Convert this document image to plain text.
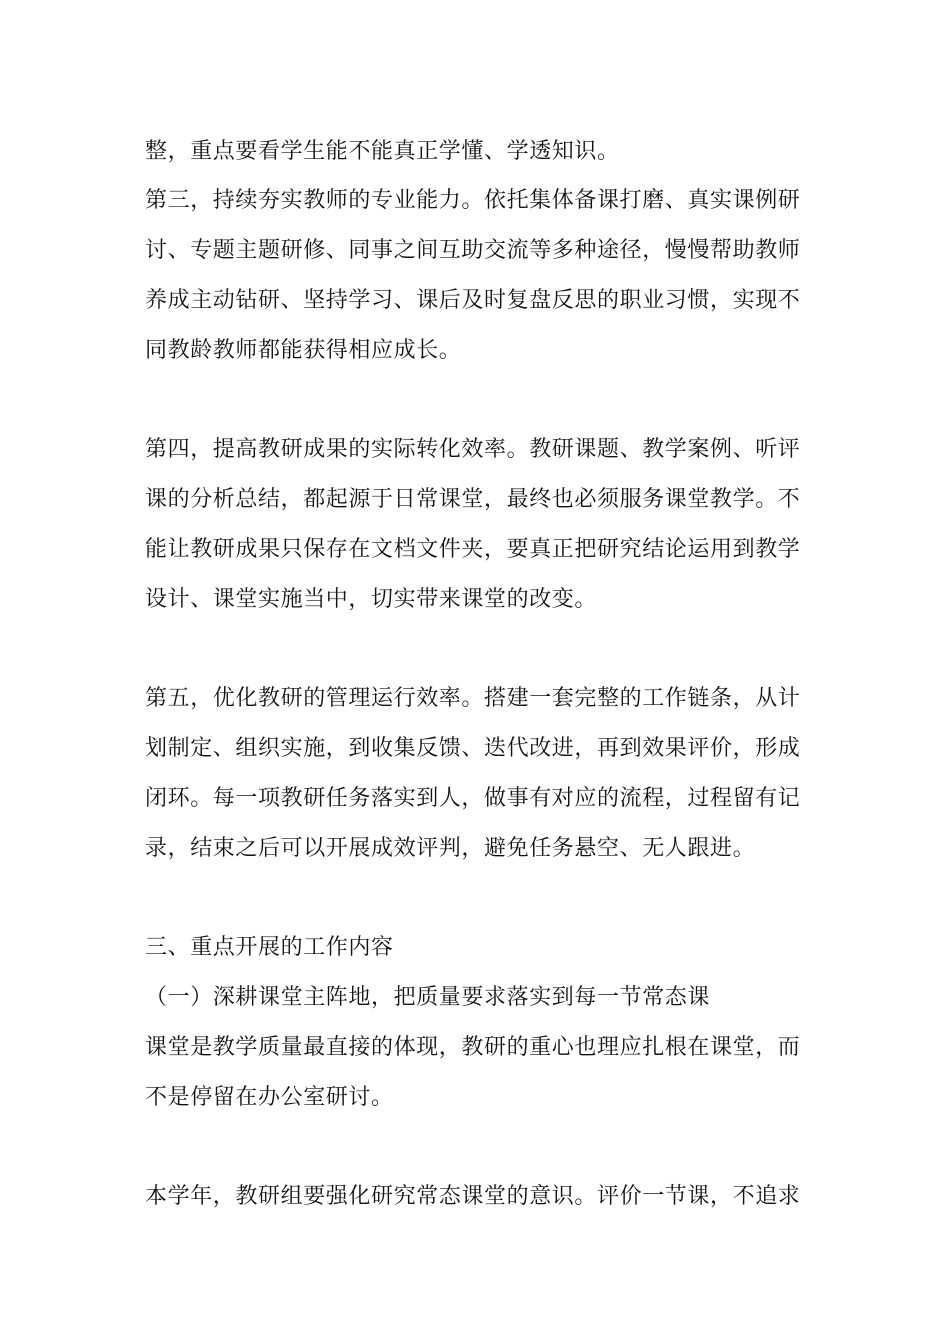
整，重点要看学生能不能真正学懂、学透知识。
第三，持续夯实教师的专业能力。依托集体备课打磨、真实课例研
讨、专题主题研修、同事之间互助交流等多种途径，慢慢帮助教师
养成主动钻研、坚持学习、课后及时复盘反思的职业习惯，实现不
同教龄教师都能获得相应成长。
第四，提高教研成果的实际转化效率。教研课题、教学案例、听评
课的分析总结，都起源于日常课堂，最终也必须服务课堂教学。不
能让教研成果只保存在文档文件夹，要真正把研究结论运用到教学
设计、课堂实施当中，切实带来课堂的改变。
第五，优化教研的管理运行效率。搭建一套完整的工作链条，从计
划制定、组织实施，到收集反馈、迭代改进，再到效果评价，形成
闭环。每一项教研任务落实到人，做事有对应的流程，过程留有记
录，结束之后可以开展成效评判，避免任务悬空、无人跟进。
三、重点开展的工作内容
（一）深耕课堂主阵地，把质量要求落实到每一节常态课
课堂是教学质量最直接的体现，教研的重心也理应扎根在课堂，而
不是停留在办公室研讨。
本学年，教研组要强化研究常态课堂的意识。评价一节课，不追求
